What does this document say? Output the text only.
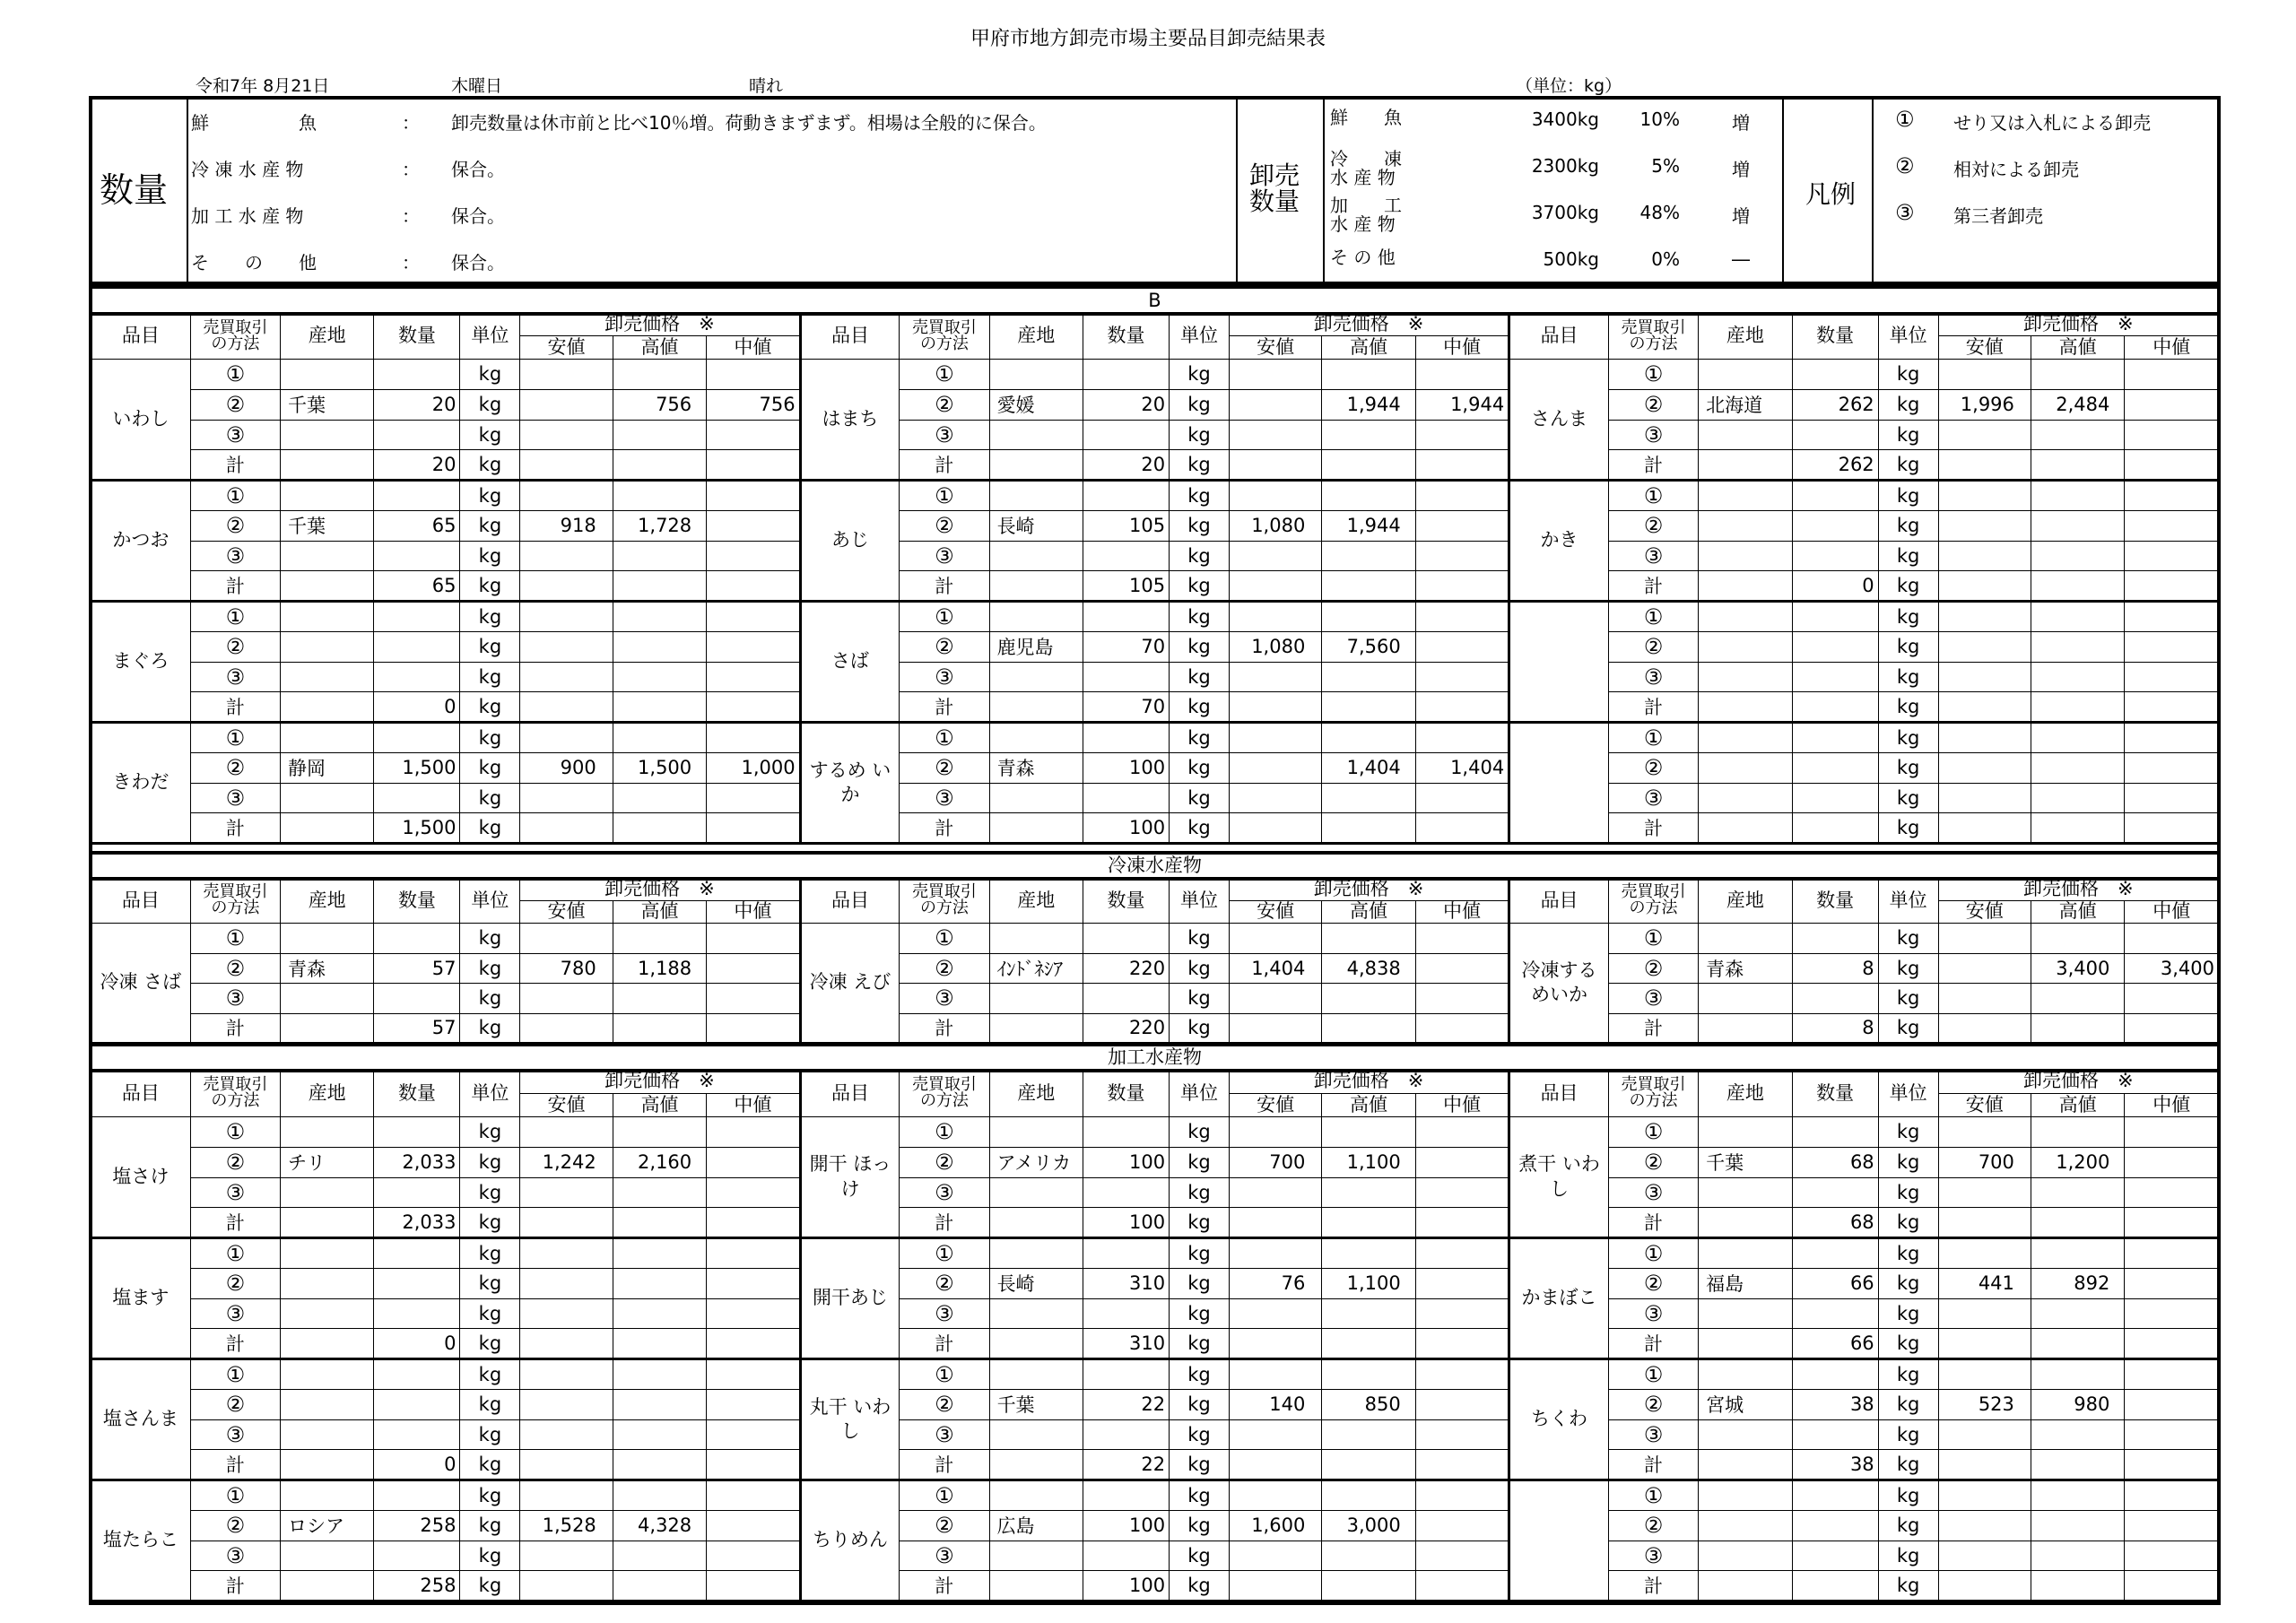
甲府市地方卸売市場主要品目卸売結果表
令和7年 8月21日	木曜日	晴れ	（単位：kg）
数量
鮮　　　　　魚	： 卸売数量は休市前と比べ10％増。荷動きまずまず。相場は全般的に保合。
冷 凍 水 産 物	： 保合。
加 工 水 産 物	： 保合。
そ　　の　　他	： 保合。
卸売
数量
鮮　　魚	3400kg 10%	増
冷　　凍
水 産 物
2300kg	5%	増
加　　工
水 産 物
3700kg 48%	増
そ の 他	500kg	0%	―
凡例
① せり又は入札による卸売
② 相対による卸売
③ 第三者卸売
B
品目	売買取引
の方法	産地	数量	単位	卸売価格　※			品目	売買取引
の方法	産地	数量	単位	卸売価格　※			品目	売買取引
の方法	産地	数量	単位	卸売価格　※		
					安値	高値	中値						安値	高値	中値						安値	高値	中値
いわし	①			kg				はまち	①			kg				さんま	①			kg			
	②	千葉	20	kg		756	756		②	愛媛	20	kg		1,944	1,944		②	北海道	262	kg	1,996	2,484	
	③			kg					③			kg					③			kg			
	計		20	kg					計		20	kg					計		262	kg			
かつお	①			kg				あじ	①			kg				かき	①			kg			
	②	千葉	65	kg	918	1,728			②	長崎	105	kg	1,080	1,944			②			kg			
	③			kg					③			kg					③			kg			
	計		65	kg					計		105	kg					計		0	kg			
まぐろ	①			kg				さば	①			kg					①			kg			
	②			kg					②	鹿児島	70	kg	1,080	7,560			②			kg			
	③			kg					③			kg					③			kg			
	計		0	kg					計		70	kg					計			kg			
きわだ	①			kg				するめ いか	①			kg					①			kg			
	②	静岡	1,500	kg	900	1,500	1,000		②	青森	100	kg		1,404	1,404		②			kg			
	③			kg					③			kg					③			kg			
	計		1,500	kg					計		100	kg					計			kg			
冷凍水産物
品目	売買取引
の方法	産地	数量	単位	卸売価格　※			品目	売買取引
の方法	産地	数量	単位	卸売価格　※			品目	売買取引
の方法	産地	数量	単位	卸売価格　※		
					安値	高値	中値						安値	高値	中値						安値	高値	中値
冷凍 さば	①			kg				冷凍 えび	①			kg				冷凍する めいか	①			kg			
	②	青森	57	kg	780	1,188			②	ｲﾝﾄﾞﾈｼｱ	220	kg	1,404	4,838			②	青森	8	kg		3,400	3,400
	③			kg					③			kg					③			kg			
	計		57	kg					計		220	kg					計		8	kg			
加工水産物
品目	売買取引
の方法	産地	数量	単位	卸売価格　※			品目	売買取引
の方法	産地	数量	単位	卸売価格　※			品目	売買取引
の方法	産地	数量	単位	卸売価格　※		
					安値	高値	中値						安値	高値	中値						安値	高値	中値
塩さけ	①			kg				開干 ほっけ	①			kg				煮干 いわし	①			kg			
	②	チリ	2,033	kg	1,242	2,160			②	アメリカ	100	kg	700	1,100			②	千葉	68	kg	700	1,200	
	③			kg					③			kg					③			kg			
	計		2,033	kg					計		100	kg					計		68	kg			
塩ます	①			kg				開干あじ	①			kg				かまぼこ	①			kg			
	②			kg					②	長崎	310	kg	76	1,100			②	福島	66	kg	441	892	
	③			kg					③			kg					③			kg			
	計		0	kg					計		310	kg					計		66	kg			
塩さんま	①			kg				丸干 いわし	①			kg				ちくわ	①			kg			
	②			kg					②	千葉	22	kg	140	850			②	宮城	38	kg	523	980	
	③			kg					③			kg					③			kg			
	計		0	kg					計		22	kg					計		38	kg			
塩たらこ	①			kg				ちりめん	①			kg					①			kg			
	②	ロシア	258	kg	1,528	4,328			②	広島	100	kg	1,600	3,000			②			kg			
	③			kg					③			kg					③			kg			
	計		258	kg					計		100	kg					計			kg			
